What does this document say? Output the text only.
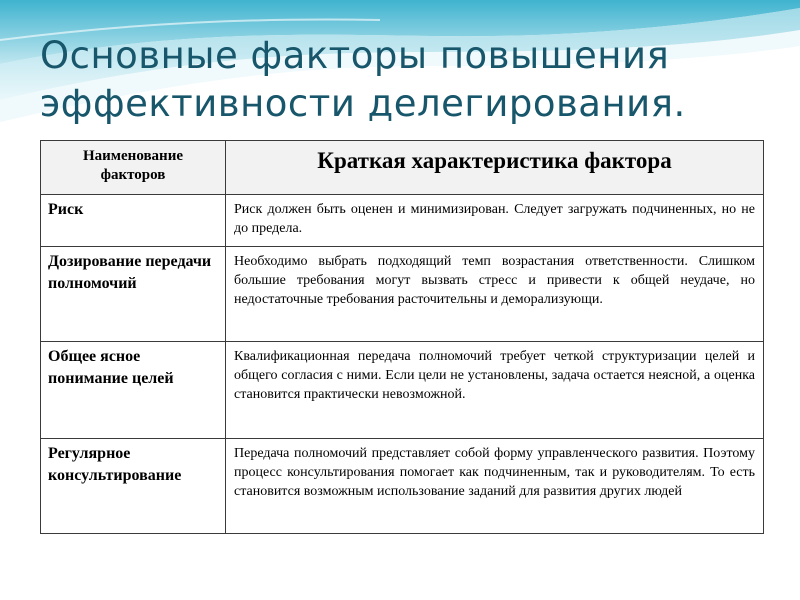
Основные факторы повышения эффективности делегирования.
Наименование факторов	Краткая характеристика фактора

Риск	Риск должен быть оценен и минимизирован. Следует загружать подчиненных, но не до предела.

Дозирование передачи полномочий	Необходимо выбрать подходящий темп возрастания ответственности. Слишком большие требования могут вызвать стресс и привести к общей неудаче, но недостаточные требования расточительны и деморализующи.

Общее ясное понимание целей	Квалификационная передача полномочий требует четкой структуризации целей и общего согласия с ними. Если цели не установлены, задача остается неясной, а оценка становится практически невозможной.

Регулярное консультирование	Передача полномочий представляет собой форму управленческого развития. Поэтому процесс консультирования помогает как подчиненным, так и руководителям. То есть становится возможным использование заданий для развития других людей
